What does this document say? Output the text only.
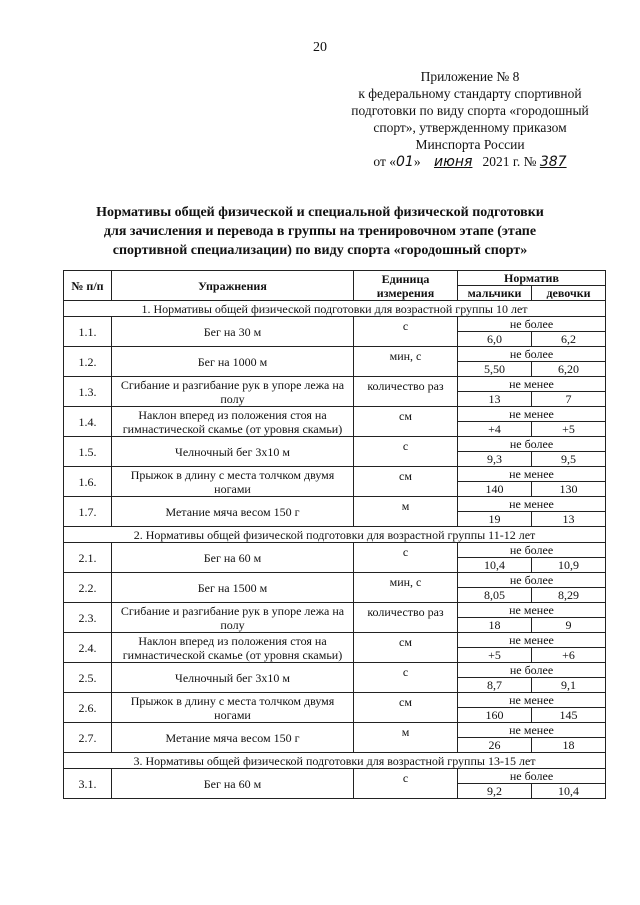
20
Приложение № 8
к федеральному стандарту спортивной
подготовки по виду спорта «городошный
спорт», утвержденному приказом
Минспорта России
от «01» июня 2021 г. № 387
Нормативы общей физической и специальной физической подготовки
для зачисления и перевода в группы на тренировочном этапе (этапе
спортивной специализации) по виду спорта «городошный спорт»
№ п/п	Упражнения	Единица измерения	Норматив	
			мальчики	девочки
1. Нормативы общей физической подготовки для возрастной группы 10 лет				
1.1.	Бег на 30 м	с	не более	
			6,0	6,2
1.2.	Бег на 1000 м	мин, с	не более	
			5,50	6,20
1.3.	Сгибание и разгибание рук в упоре лежа на полу	количество раз	не менее	
			13	7
1.4.	Наклон вперед из положения стоя на гимнастической скамье (от уровня скамьи)	см	не менее	
			+4	+5
1.5.	Челночный бег 3х10 м	с	не более	
			9,3	9,5
1.6.	Прыжок в длину с места толчком двумя ногами	см	не менее	
			140	130
1.7.	Метание мяча весом 150 г	м	не менее	
			19	13
2. Нормативы общей физической подготовки для возрастной группы 11-12 лет				
2.1.	Бег на 60 м	с	не более	
			10,4	10,9
2.2.	Бег на 1500 м	мин, с	не более	
			8,05	8,29
2.3.	Сгибание и разгибание рук в упоре лежа на полу	количество раз	не менее	
			18	9
2.4.	Наклон вперед из положения стоя на гимнастической скамье (от уровня скамьи)	см	не менее	
			+5	+6
2.5.	Челночный бег 3х10 м	с	не более	
			8,7	9,1
2.6.	Прыжок в длину с места толчком двумя ногами	см	не менее	
			160	145
2.7.	Метание мяча весом 150 г	м	не менее	
			26	18
3. Нормативы общей физической подготовки для возрастной группы 13-15 лет				
3.1.	Бег на 60 м	с	не более	
			9,2	10,4
